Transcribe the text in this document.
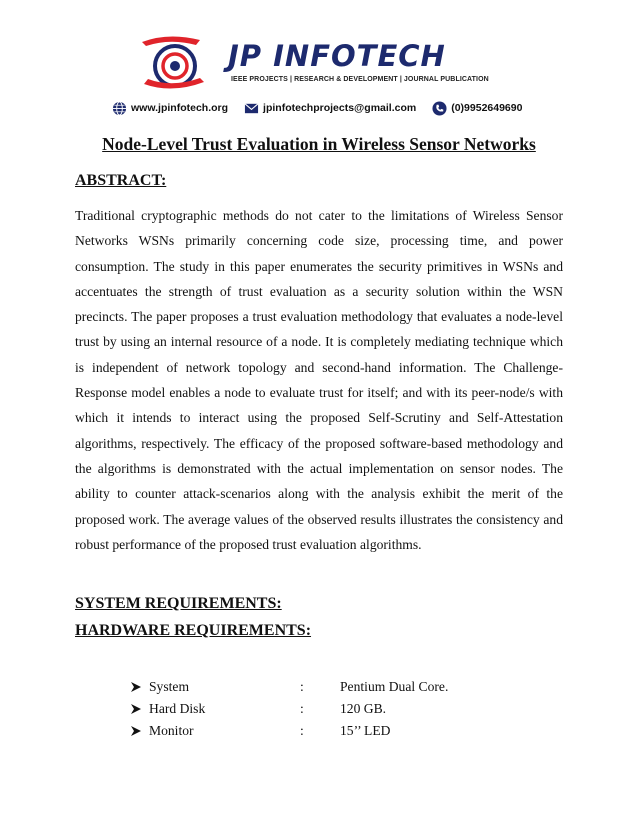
JP INFOTECH
IEEE PROJECTS | RESEARCH & DEVELOPMENT | JOURNAL PUBLICATION
www.jpinfotech.org	jpinfotechprojects@gmail.com	(0)9952649690
Node-Level Trust Evaluation in Wireless Sensor Networks
ABSTRACT:

Traditional cryptographic methods do not cater to the limitations of Wireless Sensor Networks WSNs primarily concerning code size, processing time, and power consumption. The study in this paper enumerates the security primitives in WSNs and accentuates the strength of trust evaluation as a security solution within the WSN precincts. The paper proposes a trust evaluation methodology that evaluates a node-level trust by using an internal resource of a node. It is completely mediating technique which is independent of network topology and second-hand information. The Challenge-Response model enables a node to evaluate trust for itself; and with its peer-node/s with which it intends to interact using the proposed Self-Scrutiny and Self-Attestation algorithms, respectively. The efficacy of the proposed software-based methodology and the algorithms is demonstrated with the actual implementation on sensor nodes. The ability to counter attack-scenarios along with the analysis exhibit the merit of the proposed work. The average values of the observed results illustrates the consistency and robust performance of the proposed trust evaluation algorithms.

SYSTEM REQUIREMENTS:
HARDWARE REQUIREMENTS:
System	:	Pentium Dual Core.
Hard Disk	:	120 GB.
Monitor	:	15’’ LED
